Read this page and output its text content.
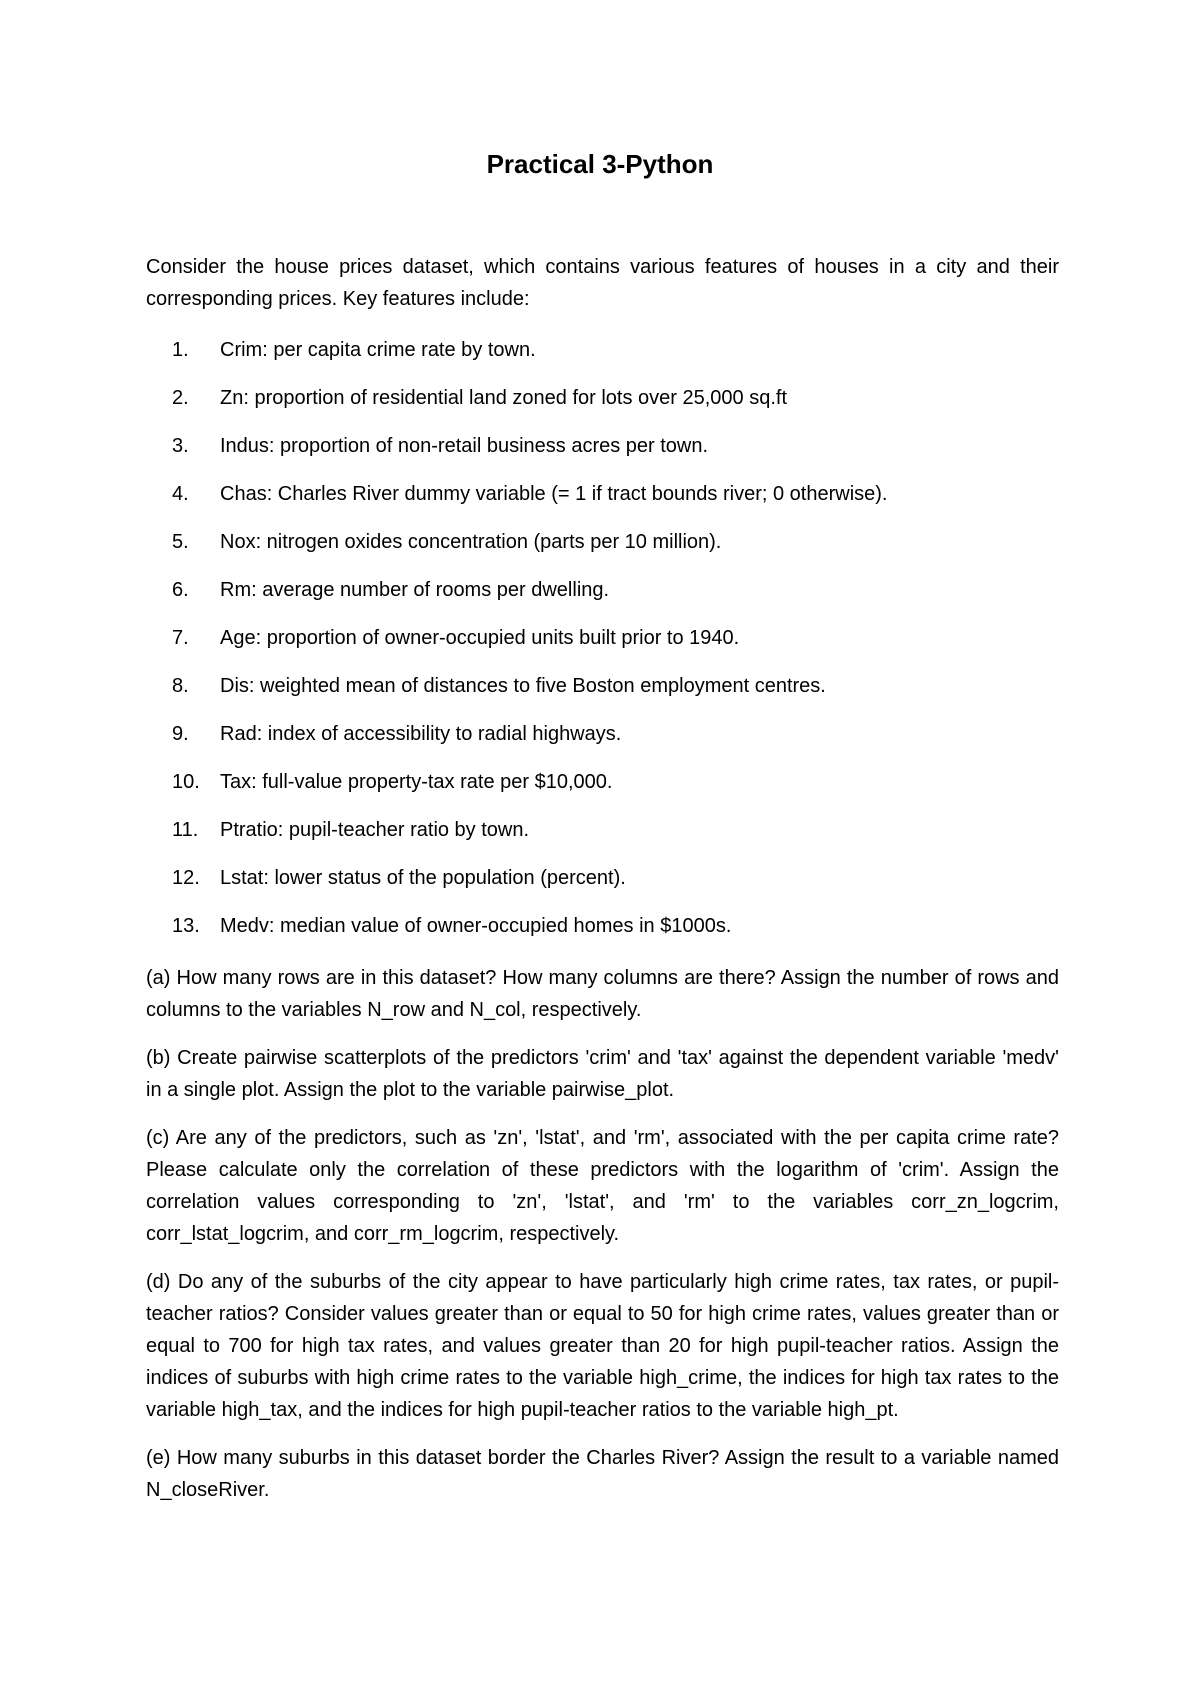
Practical 3-Python
Consider the house prices dataset, which contains various features of houses in a city and their corresponding prices. Key features include:
1.	Crim: per capita crime rate by town.
2.	Zn: proportion of residential land zoned for lots over 25,000 sq.ft
3.	Indus: proportion of non-retail business acres per town.
4.	Chas: Charles River dummy variable (= 1 if tract bounds river; 0 otherwise).
5.	Nox: nitrogen oxides concentration (parts per 10 million).
6.	Rm: average number of rooms per dwelling.
7.	Age: proportion of owner-occupied units built prior to 1940.
8.	Dis: weighted mean of distances to five Boston employment centres.
9.	Rad: index of accessibility to radial highways.
10. Tax: full-value property-tax rate per $10,000.
11. Ptratio: pupil-teacher ratio by town.
12. Lstat: lower status of the population (percent).
13. Medv: median value of owner-occupied homes in $1000s.

(a) How many rows are in this dataset? How many columns are there? Assign the number of rows and columns to the variables N_row and N_col, respectively.

(b) Create pairwise scatterplots of the predictors 'crim' and 'tax' against the dependent variable 'medv' in a single plot. Assign the plot to the variable pairwise_plot.

(c) Are any of the predictors, such as 'zn', 'lstat', and 'rm', associated with the per capita crime rate? Please calculate only the correlation of these predictors with the logarithm of 'crim'. Assign the correlation values corresponding to 'zn', 'lstat', and 'rm' to the variables corr_zn_logcrim, corr_lstat_logcrim, and corr_rm_logcrim, respectively.

(d) Do any of the suburbs of the city appear to have particularly high crime rates, tax rates, or pupil-teacher ratios? Consider values greater than or equal to 50 for high crime rates, values greater than or equal to 700 for high tax rates, and values greater than 20 for high pupil-teacher ratios. Assign the indices of suburbs with high crime rates to the variable high_crime, the indices for high tax rates to the variable high_tax, and the indices for high pupil-teacher ratios to the variable high_pt.

(e) How many suburbs in this dataset border the Charles River? Assign the result to a variable named N_closeRiver.
